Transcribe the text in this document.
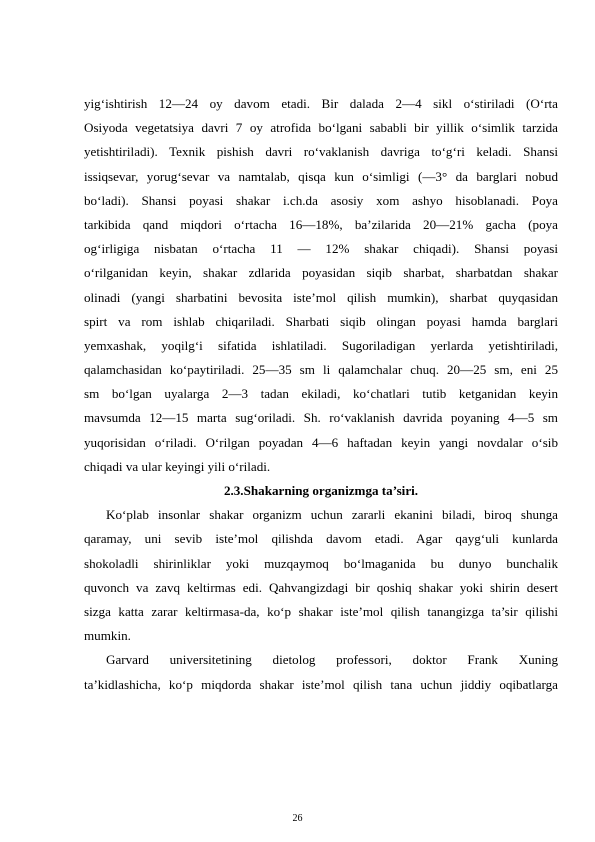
yig‘ishtirish 12—24 oy davom etadi. Bir dalada 2—4 sikl o‘stiriladi (O‘rta
Osiyoda vegetatsiya davri 7 oy atrofida bo‘lgani sababli bir yillik o‘simlik tarzida
yetishtiriladi). Texnik pishish davri ro‘vaklanish davriga to‘g‘ri keladi. Shansi
issiqsevar, yorug‘sevar va namtalab, qisqa kun o‘simligi (—3° da barglari nobud
bo‘ladi). Shansi poyasi shakar i.ch.da asosiy xom ashyo hisoblanadi. Poya
tarkibida qand miqdori o‘rtacha 16—18%, ba’zilarida 20—21% gacha (poya
og‘irligiga nisbatan o‘rtacha 11 — 12% shakar chiqadi). Shansi poyasi
o‘rilganidan keyin, shakar zdlarida poyasidan siqib sharbat, sharbatdan shakar
olinadi (yangi sharbatini bevosita iste’mol qilish mumkin), sharbat quyqasidan
spirt va rom ishlab chiqariladi. Sharbati siqib olingan poyasi hamda barglari
yemxashak, yoqilg‘i sifatida ishlatiladi. Sugoriladigan yerlarda yetishtiriladi,
qalamchasidan ko‘paytiriladi. 25—35 sm li qalamchalar chuq. 20—25 sm, eni 25
sm bo‘lgan uyalarga 2—3 tadan ekiladi, ko‘chatlari tutib ketganidan keyin
mavsumda 12—15 marta sug‘oriladi. Sh. ro‘vaklanish davrida poyaning 4—5 sm
yuqorisidan o‘riladi. O‘rilgan poyadan 4—6 haftadan keyin yangi novdalar o‘sib
chiqadi va ular keyingi yili o‘riladi.
2.3.Shakarning organizmga ta’siri.
Ko‘plab insonlar shakar organizm uchun zararli ekanini biladi, biroq shunga
qaramay, uni sevib iste’mol qilishda davom etadi. Agar qayg‘uli kunlarda
shokoladli shirinliklar yoki muzqaymoq bo‘lmaganida bu dunyo bunchalik
quvonch va zavq keltirmas edi. Qahvangizdagi bir qoshiq shakar yoki shirin desert
sizga katta zarar keltirmasa-da, ko‘p shakar iste’mol qilish tanangizga ta’sir qilishi
mumkin.
Garvard universitetining dietolog professori, doktor Frank Xuning
ta’kidlashicha, ko‘p miqdorda shakar iste’mol qilish tana uchun jiddiy oqibatlarga
26
